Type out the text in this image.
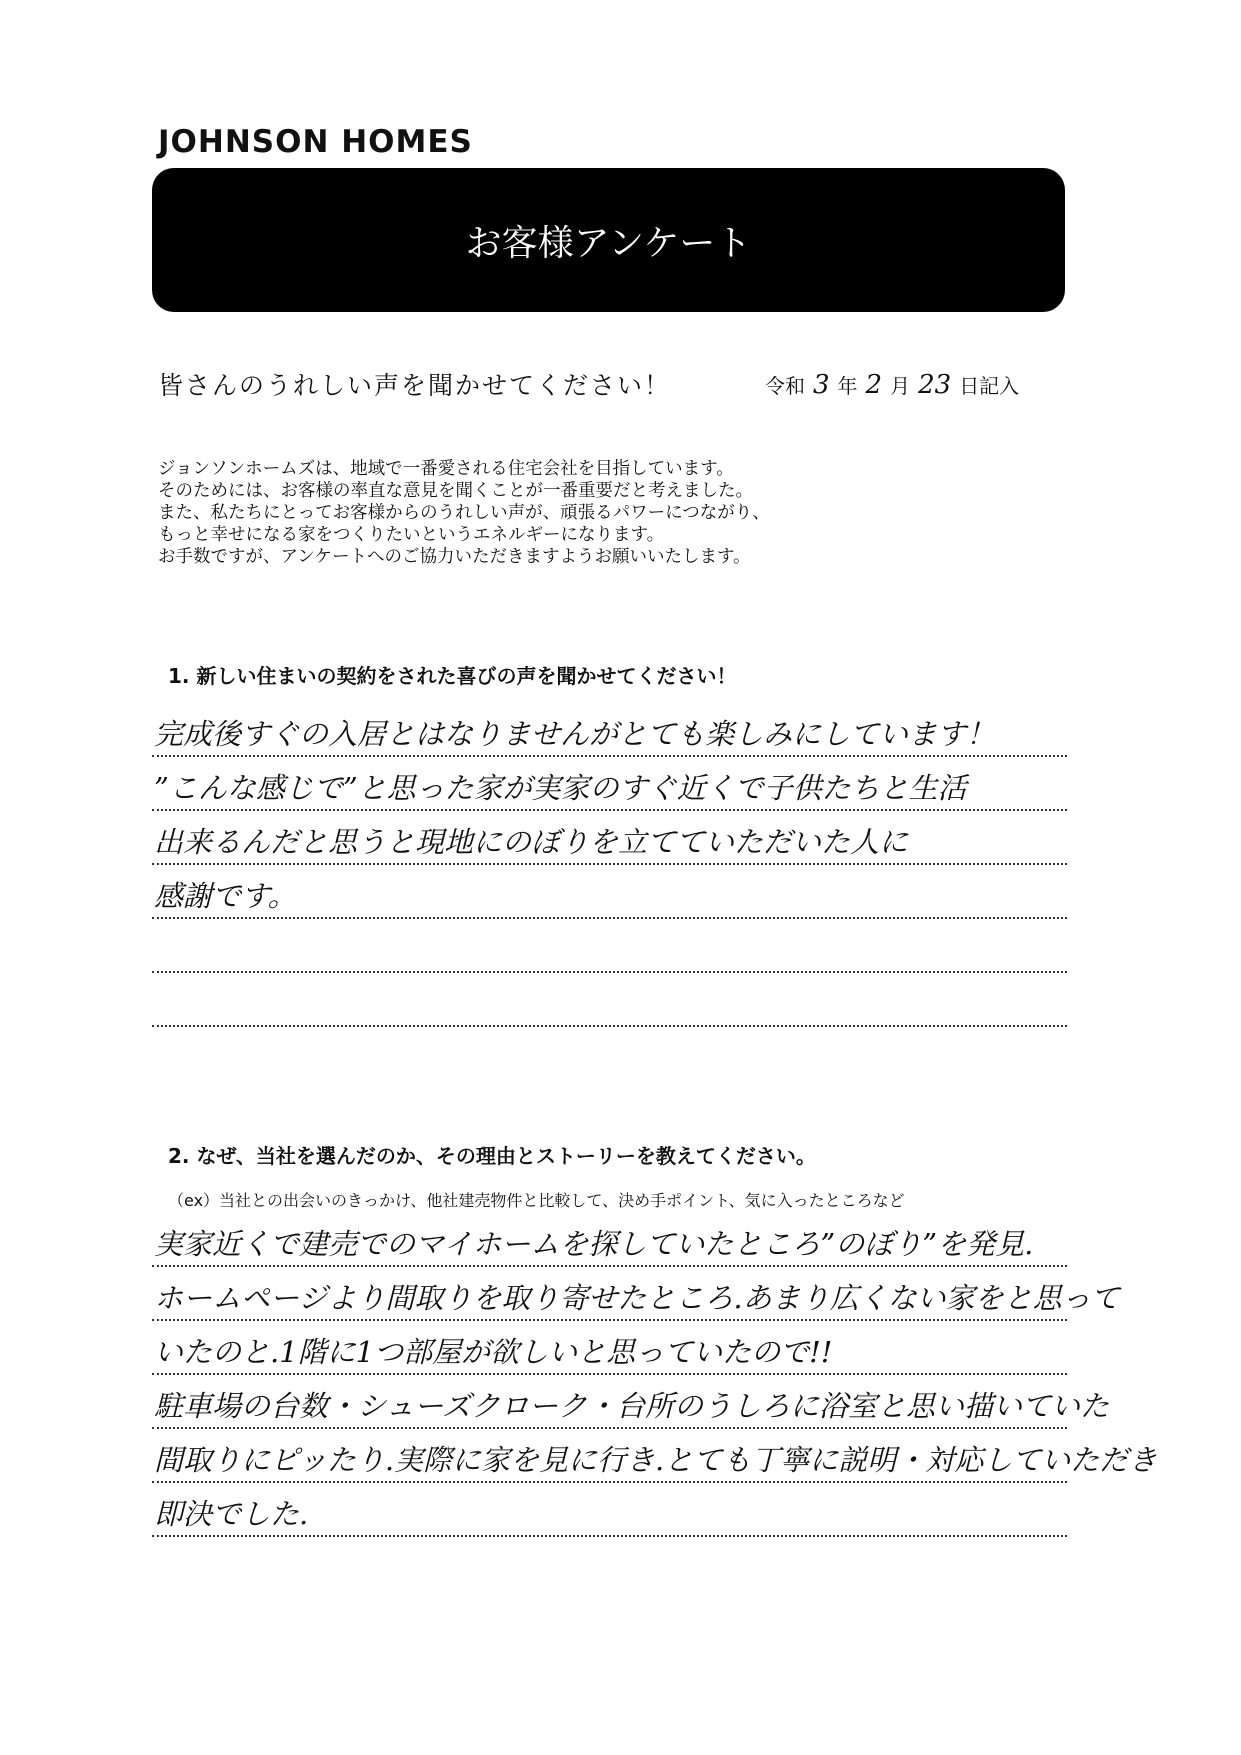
JOHNSON HOMES
お客様アンケート
皆さんのうれしい声を聞かせてください！	令和 3 年 2 月 23 日記入
ジョンソンホームズは、地域で一番愛される住宅会社を目指しています。
そのためには、お客様の率直な意見を聞くことが一番重要だと考えました。
また、私たちにとってお客様からのうれしい声が、頑張るパワーにつながり、
もっと幸せになる家をつくりたいというエネルギーになります。
お手数ですが、アンケートへのご協力いただきますようお願いいたします。
1. 新しい住まいの契約をされた喜びの声を聞かせてください！
完成後すぐの入居とはなりませんがとても楽しみにしています！
”こんな感じで”と思った家が実家のすぐ近くで子供たちと生活
出来るんだと思うと現地にのぼりを立てていただいた人に
感謝です。
2. なぜ、当社を選んだのか、その理由とストーリーを教えてください。
（ex）当社との出会いのきっかけ、他社建売物件と比較して、決め手ポイント、気に入ったところなど
実家近くで建売でのマイホームを探していたところ”のぼり”を発見.
ホームページより間取りを取り寄せたところ.あまり広くない家をと思って
いたのと.1階に1つ部屋が欲しいと思っていたので!!
駐車場の台数・シューズクローク・台所のうしろに浴室と思い描いていた
間取りにピッたり.実際に家を見に行き.とても丁寧に説明・対応していただき
即決でした.
